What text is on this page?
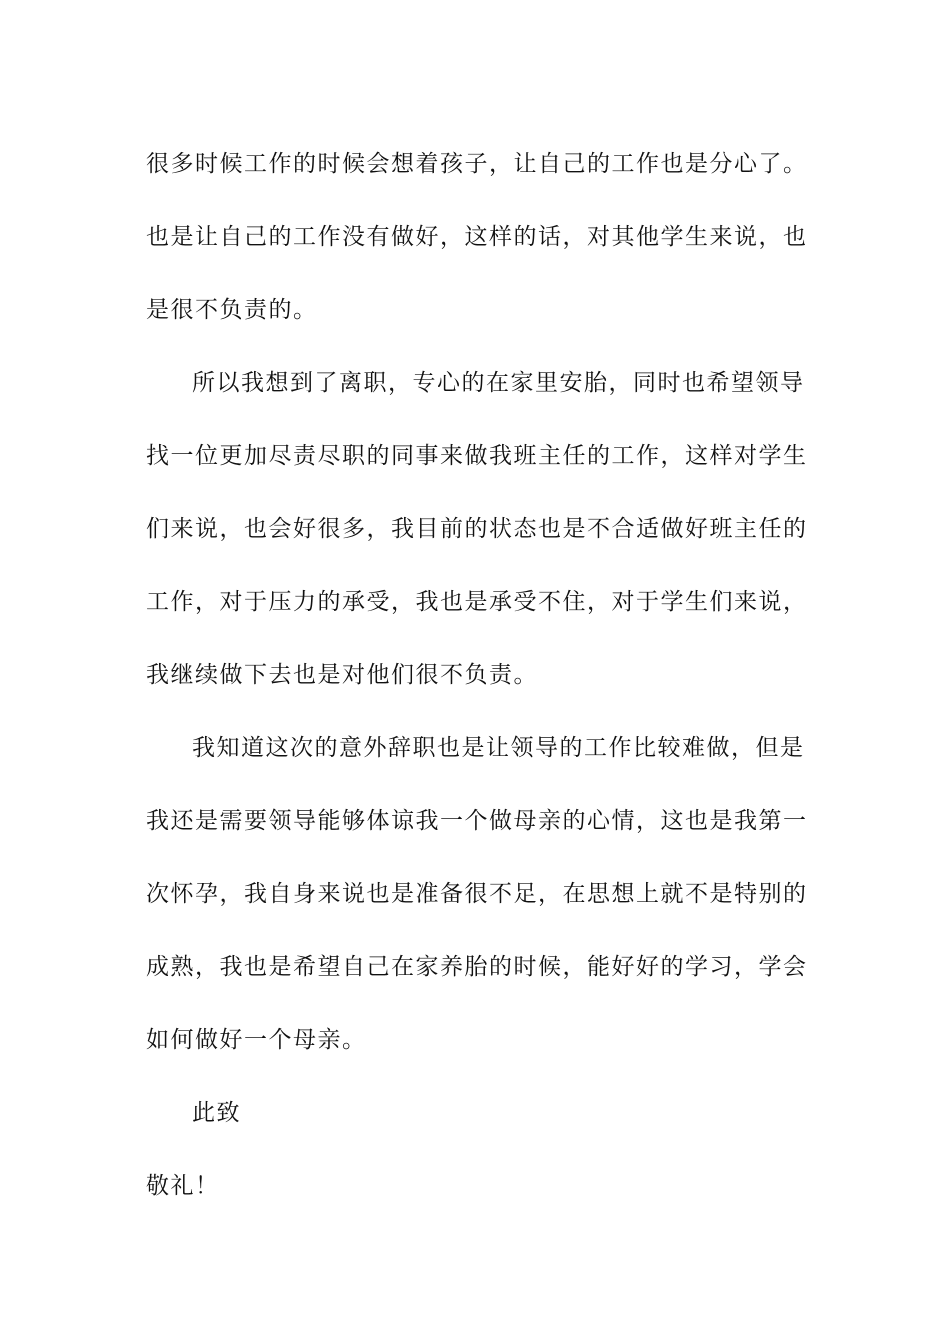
很多时候工作的时候会想着孩子，让自己的工作也是分心了。
也是让自己的工作没有做好，这样的话，对其他学生来说，也
是很不负责的。
所以我想到了离职，专心的在家里安胎，同时也希望领导
找一位更加尽责尽职的同事来做我班主任的工作，这样对学生
们来说，也会好很多，我目前的状态也是不合适做好班主任的
工作，对于压力的承受，我也是承受不住，对于学生们来说，
我继续做下去也是对他们很不负责。
我知道这次的意外辞职也是让领导的工作比较难做，但是
我还是需要领导能够体谅我一个做母亲的心情，这也是我第一
次怀孕，我自身来说也是准备很不足，在思想上就不是特别的
成熟，我也是希望自己在家养胎的时候，能好好的学习，学会
如何做好一个母亲。
此致
敬礼！
